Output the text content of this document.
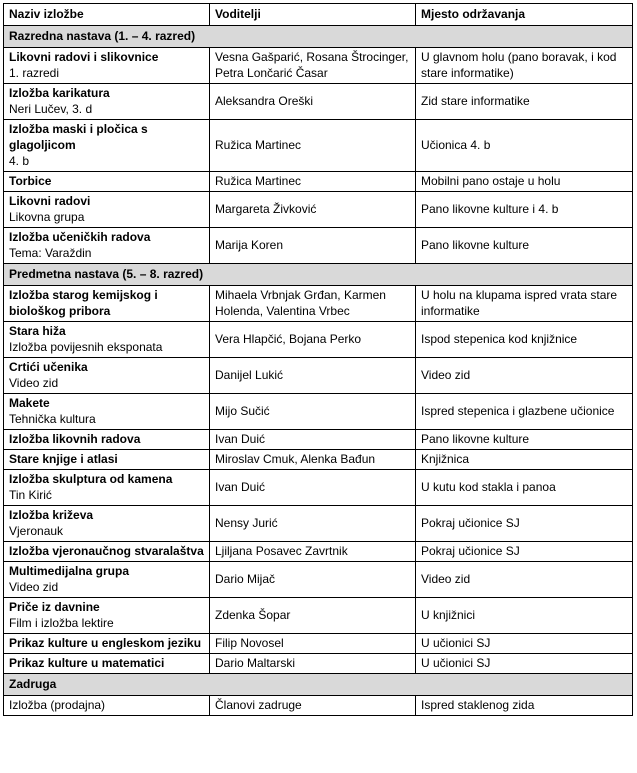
Naziv izložbe	Voditelji	Mjesto održavanja
Razredna nastava (1. – 4. razred)		

Likovni radovi i slikovnice
1. razredi	Vesna Gašparić, Rosana Štrocinger, Petra Lončarić Časar	U glavnom holu (pano boravak, i kod stare informatike)

Izložba karikatura
Neri Lučev, 3. d	Aleksandra Oreški	Zid stare informatike

Izložba maski i pločica s glagoljicom
4. b	Ružica Martinec	Učionica 4. b

Torbice	Ružica Martinec	Mobilni pano ostaje u holu

Likovni radovi
Likovna grupa	Margareta Živković	Pano likovne kulture i 4. b

Izložba učeničkih radova
Tema: Varaždin	Marija Koren	Pano likovne kulture
Predmetna nastava (5. – 8. razred)		

Izložba starog kemijskog i biološkog pribora	Mihaela Vrbnjak Grđan, Karmen Holenda, Valentina Vrbec	U holu na klupama ispred vrata stare informatike

Stara hiža
Izložba povijesnih eksponata	Vera Hlapčić, Bojana Perko	Ispod stepenica kod knjižnice

Crtići učenika
Video zid	Danijel Lukić	Video zid

Makete
Tehnička kultura	Mijo Sučić	Ispred stepenica i glazbene učionice

Izložba likovnih radova	Ivan Duić	Pano likovne kulture

Stare knjige i atlasi	Miroslav Cmuk, Alenka Bađun	Knjižnica

Izložba skulptura od kamena
Tin Kirić	Ivan Duić	U kutu kod stakla i panoa

Izložba križeva
Vjeronauk	Nensy Jurić	Pokraj učionice SJ

Izložba vjeronaučnog stvaralaštva	Ljiljana Posavec Zavrtnik	Pokraj učionice SJ

Multimedijalna grupa
Video zid	Dario Mijač	Video zid

Priče iz davnine
Film i izložba lektire	Zdenka Šopar	U knjižnici

Prikaz kulture u engleskom jeziku	Filip Novosel	U učionici SJ

Prikaz kulture u matematici	Dario Maltarski	U učionici SJ
Zadruga		

Izložba (prodajna)	Članovi zadruge	Ispred staklenog zida
